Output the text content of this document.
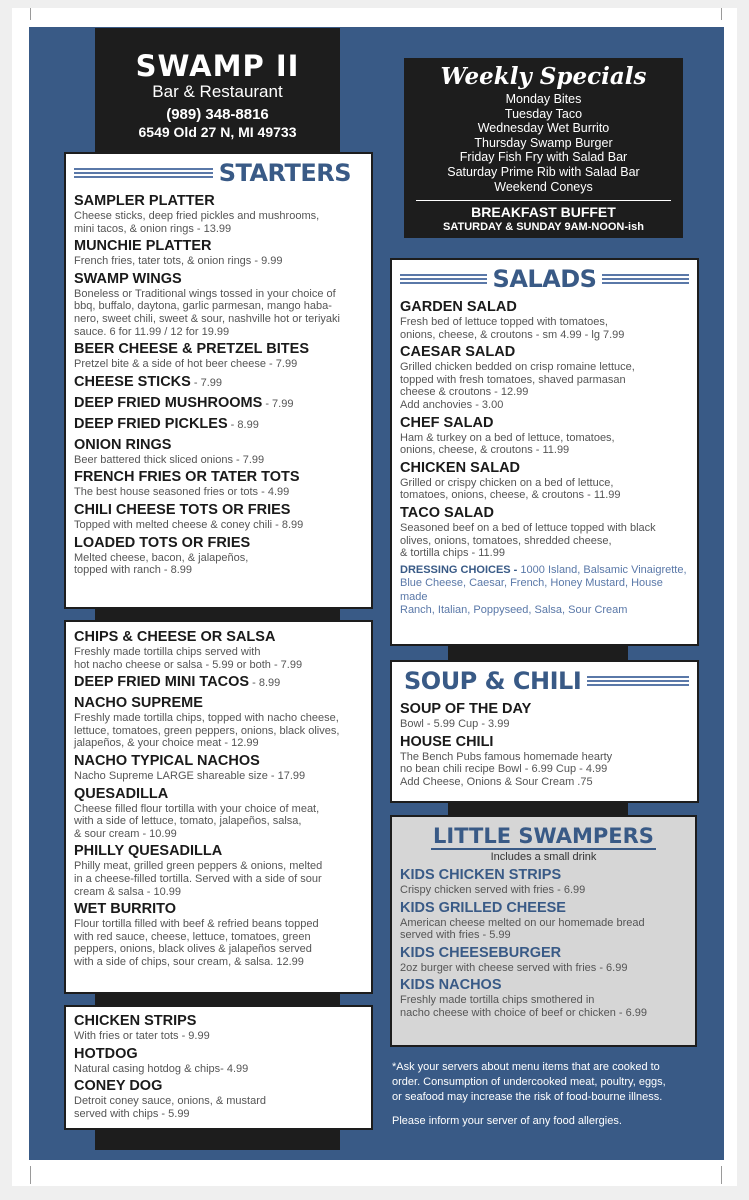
SWAMP II
Bar & Restaurant
(989) 348-8816
6549 Old 27 N, MI 49733
Weekly Specials
Monday Bites
Tuesday Taco
Wednesday Wet Burrito
Thursday Swamp Burger
Friday Fish Fry with Salad Bar
Saturday Prime Rib with Salad Bar
Weekend Coneys
BREAKFAST BUFFET
SATURDAY & SUNDAY 9AM-NOON-ish
STARTERS
SAMPLER PLATTER
Cheese sticks, deep fried pickles and mushrooms,
mini tacos, & onion rings - 13.99
MUNCHIE PLATTER
French fries, tater tots, & onion rings - 9.99
SWAMP WINGS
Boneless or Traditional wings tossed in your choice of
bbq, buffalo, daytona, garlic parmesan, mango haba-
nero, sweet chili, sweet & sour, nashville hot or teriyaki
sauce. 6 for 11.99 / 12 for 19.99
BEER CHEESE & PRETZEL BITES
Pretzel bite & a side of hot beer cheese - 7.99
CHEESE STICKS - 7.99
DEEP FRIED MUSHROOMS - 7.99
DEEP FRIED PICKLES - 8.99
ONION RINGS
Beer battered thick sliced onions - 7.99
FRENCH FRIES OR TATER TOTS
The best house seasoned fries or tots - 4.99
CHILI CHEESE TOTS OR FRIES
Topped with melted cheese & coney chili - 8.99
LOADED TOTS OR FRIES
Melted cheese, bacon, & jalapeños,
topped with ranch - 8.99
CHIPS & CHEESE OR SALSA
Freshly made tortilla chips served with
hot nacho cheese or salsa - 5.99 or both - 7.99
DEEP FRIED MINI TACOS - 8.99
NACHO SUPREME
Freshly made tortilla chips, topped with nacho cheese,
lettuce, tomatoes, green peppers, onions, black olives,
jalapeños, & your choice meat - 12.99
NACHO TYPICAL NACHOS
Nacho Supreme LARGE shareable size - 17.99
QUESADILLA
Cheese filled flour tortilla with your choice of meat,
with a side of lettuce, tomato, jalapeños, salsa,
& sour cream - 10.99
PHILLY QUESADILLA
Philly meat, grilled green peppers & onions, melted
in a cheese-filled tortilla. Served with a side of sour
cream & salsa - 10.99
WET BURRITO
Flour tortilla filled with beef & refried beans topped
with red sauce, cheese, lettuce, tomatoes, green
peppers, onions, black olives & jalapeños served
with a side of chips, sour cream, & salsa. 12.99
CHICKEN STRIPS
With fries or tater tots - 9.99
HOTDOG
Natural casing hotdog & chips- 4.99
CONEY DOG
Detroit coney sauce, onions, & mustard
served with chips - 5.99
SALADS
GARDEN SALAD
Fresh bed of lettuce topped with tomatoes,
onions, cheese, & croutons - sm 4.99 - lg 7.99
CAESAR SALAD
Grilled chicken bedded on crisp romaine lettuce,
topped with fresh tomatoes, shaved parmasan
cheese & croutons - 12.99
Add anchovies - 3.00
CHEF SALAD
Ham & turkey on a bed of lettuce, tomatoes,
onions, cheese, & croutons - 11.99
CHICKEN SALAD
Grilled or crispy chicken on a bed of lettuce,
tomatoes, onions, cheese, & croutons - 11.99
TACO SALAD
Seasoned beef on a bed of lettuce topped with black
olives, onions, tomatoes, shredded cheese,
& tortilla chips - 11.99
DRESSING CHOICES - 1000 Island, Balsamic Vinaigrette,
Blue Cheese, Caesar, French, Honey Mustard, House made
Ranch, Italian, Poppyseed, Salsa, Sour Cream
SOUP & CHILI
SOUP OF THE DAY
Bowl - 5.99 Cup - 3.99
HOUSE CHILI
The Bench Pubs famous homemade hearty
no bean chili recipe Bowl - 6.99 Cup - 4.99
Add Cheese, Onions & Sour Cream .75
LITTLE SWAMPERS
Includes a small drink
KIDS CHICKEN STRIPS
Crispy chicken served with fries - 6.99
KIDS GRILLED CHEESE
American cheese melted on our homemade bread
served with fries - 5.99
KIDS CHEESEBURGER
2oz burger with cheese served with fries - 6.99
KIDS NACHOS
Freshly made tortilla chips smothered in
nacho cheese with choice of beef or chicken - 6.99

*Ask your servers about menu items that are cooked to
order. Consumption of undercooked meat, poultry, eggs,
or seafood may increase the risk of food-bourne illness.

Please inform your server of any food allergies.
